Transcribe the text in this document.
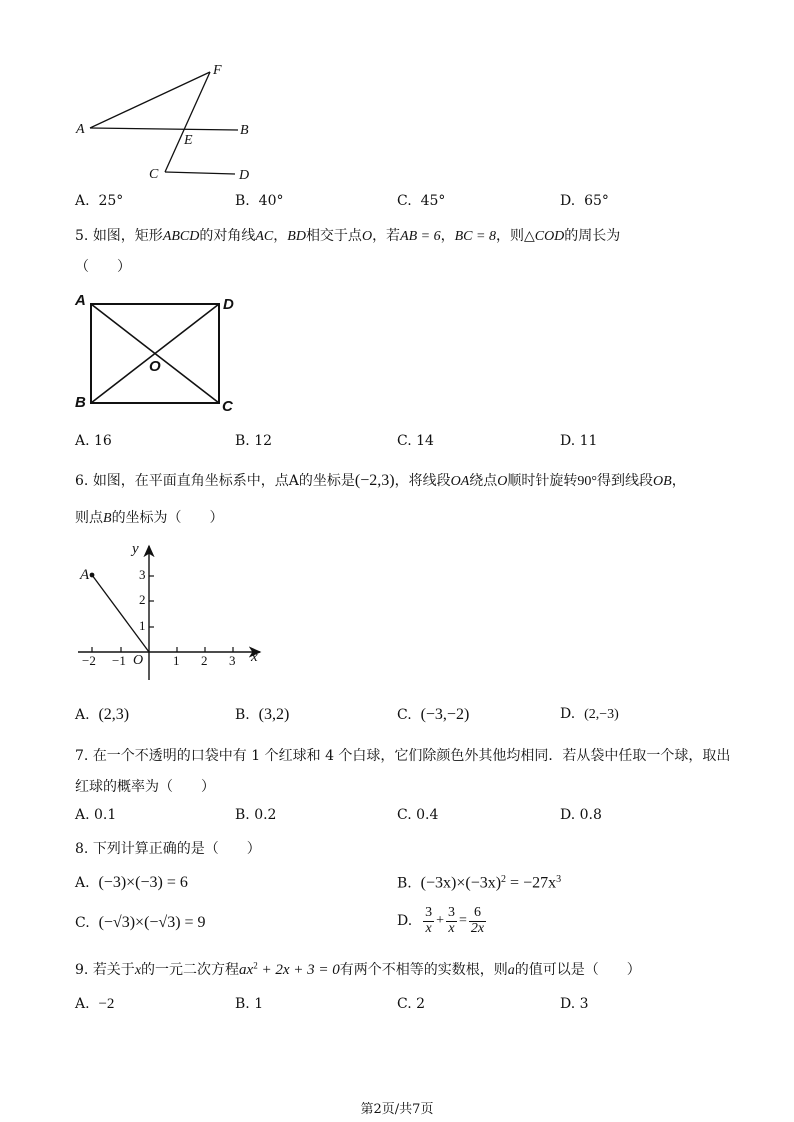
F
A	B
E
C	D
A. 25°	B. 40°	C. 45°	D. 65°
5. 如图，矩形ABCD的对角线AC，BD相交于点O，若AB = 6，BC = 8，则△COD的周长为
（　　）
A	D
O
B	C
A. 16	B. 12	C. 14	D. 11
6. 如图，在平面直角坐标系中，点A的坐标是(−2,3)，将线段OA绕点O顺时针旋转90°得到线段OB，
则点B的坐标为（　　）
y
x
A
O
3
2
1
−2 −1	1 2 3
A. (2,3)	B. (3,2)	C. (−3,−2)	D. (2,−3)
7. 在一个不透明的口袋中有 1 个红球和 4 个白球，它们除颜色外其他均相同．若从袋中任取一个球，取出
红球的概率为（　　）
A. 0.1	B. 0.2	C. 0.4	D. 0.8
8. 下列计算正确的是（　　）
A. (−3)×(−3) = 6	B. $(-3x)\times(-3x)^2 = -27x^3$
C. (−√3)×(−√3) = 9	D. $\frac{3}{x} + \frac{3}{x} = \frac{6}{2x}$
9. 若关于x的一元二次方程$ax^2 + 2x + 3 = 0$有两个不相等的实数根，则a的值可以是（　　）
A. −2	B. 1	C. 2	D. 3
第2页/共7页
